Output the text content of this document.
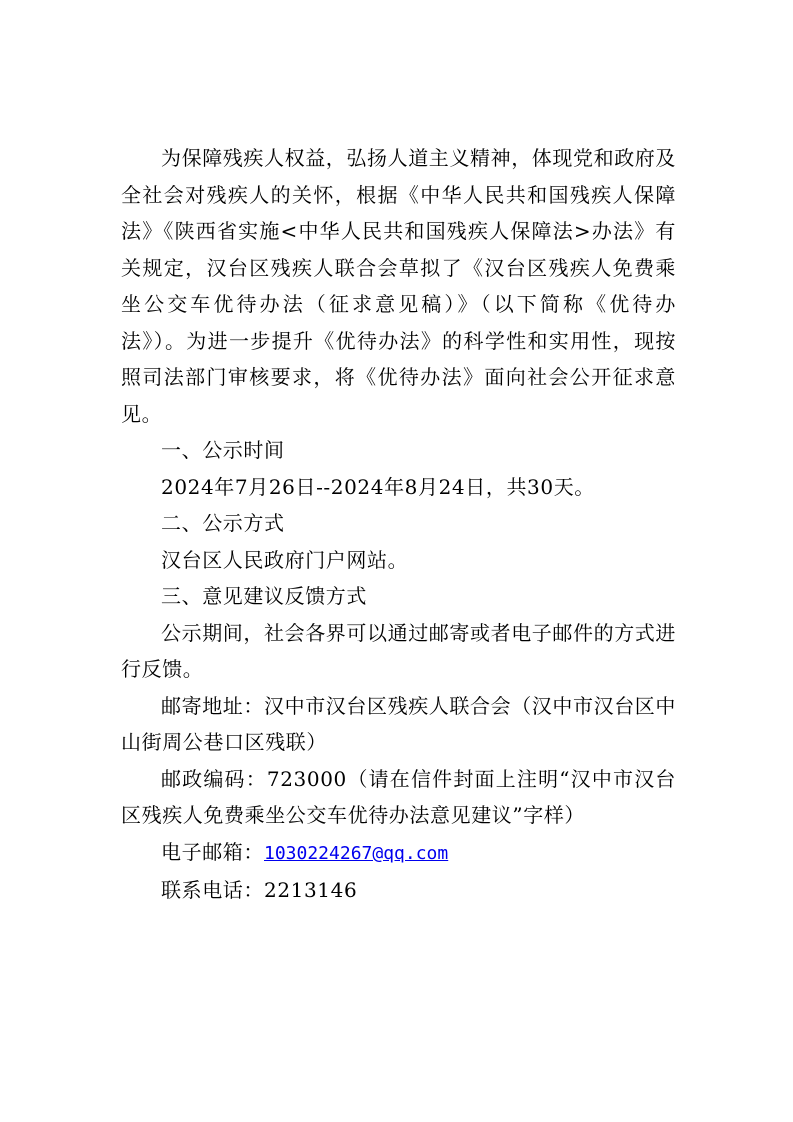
为保障残疾人权益，弘扬人道主义精神，体现党和政府及全社会对残疾人的关怀，根据《中华人民共和国残疾人保障法》《陕西省实施<中华人民共和国残疾人保障法>办法》有关规定，汉台区残疾人联合会草拟了《汉台区残疾人免费乘坐公交车优待办法（征求意见稿）》（以下简称《优待办法》）。为进一步提升《优待办法》的科学性和实用性，现按照司法部门审核要求，将《优待办法》面向社会公开征求意见。

一、公示时间

2024年7月26日--2024年8月24日，共30天。

二、公示方式

汉台区人民政府门户网站。

三、意见建议反馈方式

公示期间，社会各界可以通过邮寄或者电子邮件的方式进行反馈。

邮寄地址：汉中市汉台区残疾人联合会（汉中市汉台区中山街周公巷口区残联）

邮政编码：723000（请在信件封面上注明“汉中市汉台区残疾人免费乘坐公交车优待办法意见建议”字样）

电子邮箱：1030224267@qq.com

联系电话：2213146
